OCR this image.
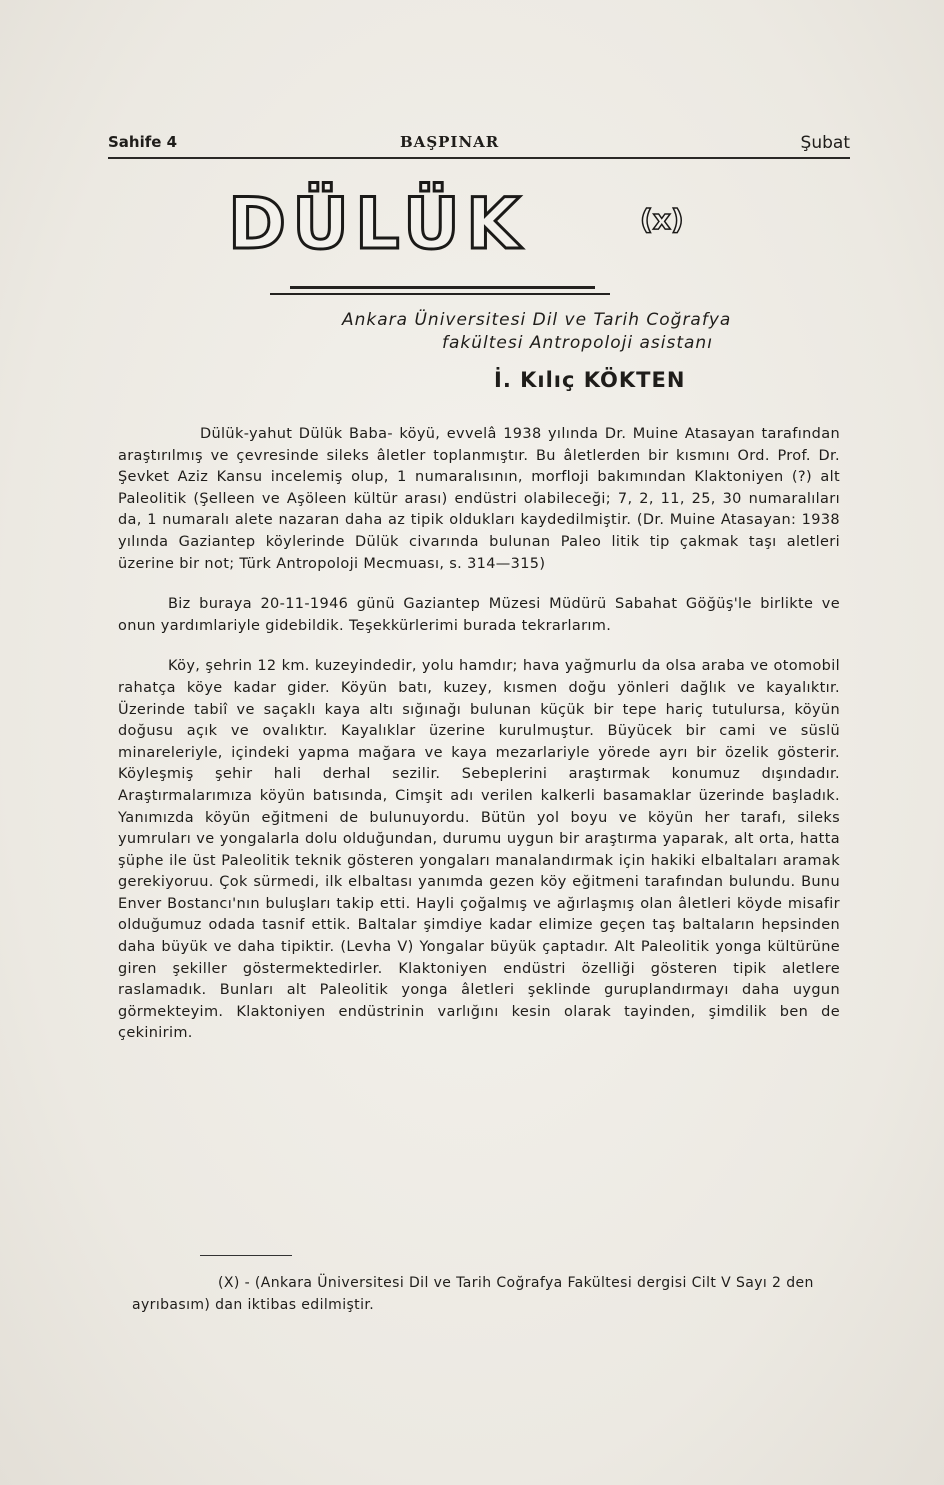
Sahife 4	BAŞPINAR	Şubat
DÜLÜK	(x)
Ankara Üniversitesi Dil ve Tarih Coğrafya
fakültesi Antropoloji asistanı
İ. Kılıç KÖKTEN

Dülük-yahut Dülük Baba- köyü, evvelâ 1938 yılında Dr. Muine Atasayan tarafından araştırılmış ve çevresinde sileks âletler toplanmıştır. Bu âletlerden bir kısmını Ord. Prof. Dr. Şevket Aziz Kansu incelemiş olup, 1 numaralısının, morfloji bakımından Klaktoniyen (?) alt Paleolitik (Şelleen ve Aşöleen kültür arası) endüstri olabileceği; 7, 2, 11, 25, 30 numaralıları da, 1 numaralı alete nazaran daha az tipik oldukları kaydedilmiştir. (Dr. Muine Atasayan: 1938 yılında Gaziantep köylerinde Dülük civarında bulunan Paleo litik tip çakmak taşı aletleri üzerine bir not; Türk Antropoloji Mecmuası, s. 314—315)

Biz buraya 20-11-1946 günü Gaziantep Müzesi Müdürü Sabahat Göğüş'le birlikte ve onun yardımlariyle gidebildik. Teşekkürlerimi burada tekrarlarım.

Köy, şehrin 12 km. kuzeyindedir, yolu hamdır; hava yağmurlu da olsa araba ve otomobil rahatça köye kadar gider. Köyün batı, kuzey, kısmen doğu yönleri dağlık ve kayalıktır. Üzerinde tabiî ve saçaklı kaya altı sığınağı bulunan küçük bir tepe hariç tutulursa, köyün doğusu açık ve ovalıktır. Kayalıklar üzerine kurulmuştur. Büyücek bir cami ve süslü minareleriyle, içindeki yapma mağara ve kaya mezarlariyle yörede ayrı bir özelik gösterir. Köyleşmiş şehir hali derhal sezilir. Sebeplerini araştırmak konumuz dışındadır. Araştırmalarımıza köyün batısında, Cimşit adı verilen kalkerli basamaklar üzerinde başladık. Yanımızda köyün eğitmeni de bulunuyordu. Bütün yol boyu ve köyün her tarafı, sileks yumruları ve yongalarla dolu olduğundan, durumu uygun bir araştırma yaparak, alt orta, hatta şüphe ile üst Paleolitik teknik gösteren yongaları manalandırmak için hakiki elbaltaları aramak gerekiyoruu. Çok sürmedi, ilk elbaltası yanımda gezen köy eğitmeni tarafından bulundu. Bunu Enver Bostancı'nın buluşları takip etti. Hayli çoğalmış ve ağırlaşmış olan âletleri köyde misafir olduğumuz odada tasnif ettik. Baltalar şimdiye kadar elimize geçen taş baltaların hepsinden daha büyük ve daha tipiktir. (Levha V) Yongalar büyük çaptadır. Alt Paleolitik yonga kültürüne giren şekiller göstermektedirler. Klaktoniyen endüstri özelliği gösteren tipik aletlere raslamadık. Bunları alt Paleolitik yonga âletleri şeklinde guruplandırmayı daha uygun görmekteyim. Klaktoniyen endüstrinin varlığını kesin olarak tayinden, şimdilik ben de çekinirim.

(X) - (Ankara Üniversitesi Dil ve Tarih Coğrafya Fakültesi dergisi Cilt V Sayı 2 den ayrıbasım) dan iktibas edilmiştir.
